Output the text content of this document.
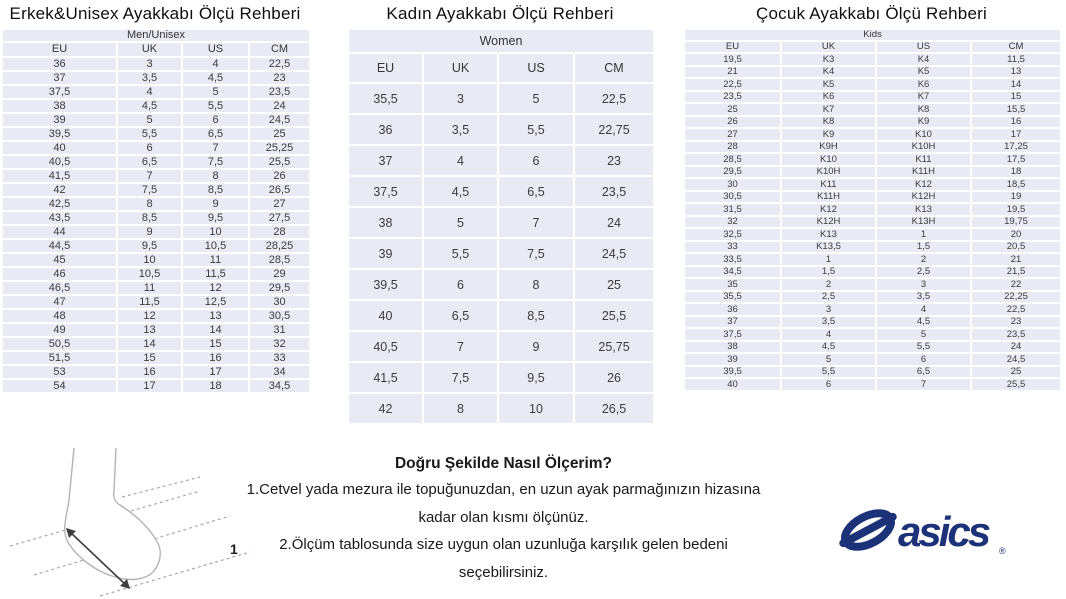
Erkek&Unisex Ayakkabı Ölçü Rehberi
Men/Unisex			
EU	UK	US	CM
36	3	4	22,5
37	3,5	4,5	23
37,5	4	5	23,5
38	4,5	5,5	24
39	5	6	24,5
39,5	5,5	6,5	25
40	6	7	25,25
40,5	6,5	7,5	25,5
41,5	7	8	26
42	7,5	8,5	26,5
42,5	8	9	27
43,5	8,5	9,5	27,5
44	9	10	28
44,5	9,5	10,5	28,25
45	10	11	28,5
46	10,5	11,5	29
46,5	11	12	29,5
47	11,5	12,5	30
48	12	13	30,5
49	13	14	31
50,5	14	15	32
51,5	15	16	33
53	16	17	34
54	17	18	34,5
Kadın Ayakkabı Ölçü Rehberi
Women			
EU	UK	US	CM
35,5	3	5	22,5
36	3,5	5,5	22,75
37	4	6	23
37,5	4,5	6,5	23,5
38	5	7	24
39	5,5	7,5	24,5
39,5	6	8	25
40	6,5	8,5	25,5
40,5	7	9	25,75
41,5	7,5	9,5	26
42	8	10	26,5
Çocuk Ayakkabı Ölçü Rehberi
Kids			
EU	UK	US	CM
19,5	K3	K4	11,5
21	K4	K5	13
22,5	K5	K6	14
23,5	K6	K7	15
25	K7	K8	15,5
26	K8	K9	16
27	K9	K10	17
28	K9H	K10H	17,25
28,5	K10	K11	17,5
29,5	K10H	K11H	18
30	K11	K12	18,5
30,5	K11H	K12H	19
31,5	K12	K13	19,5
32	K12H	K13H	19,75
32,5	K13	1	20
33	K13,5	1,5	20,5
33,5	1	2	21
34,5	1,5	2,5	21,5
35	2	3	22
35,5	2,5	3,5	22,25
36	3	4	22,5
37	3,5	4,5	23
37,5	4	5	23,5
38	4,5	5,5	24
39	5	6	24,5
39,5	5,5	6,5	25
40	6	7	25,5
1
Doğru Şekilde Nasıl Ölçerim?
1.Cetvel yada mezura ile topuğunuzdan, en uzun ayak parmağınızın hizasına
kadar olan kısmı ölçünüz.
2.Ölçüm tablosunda size uygun olan uzunluğa karşılık gelen bedeni
seçebilirsiniz.
asics ®
